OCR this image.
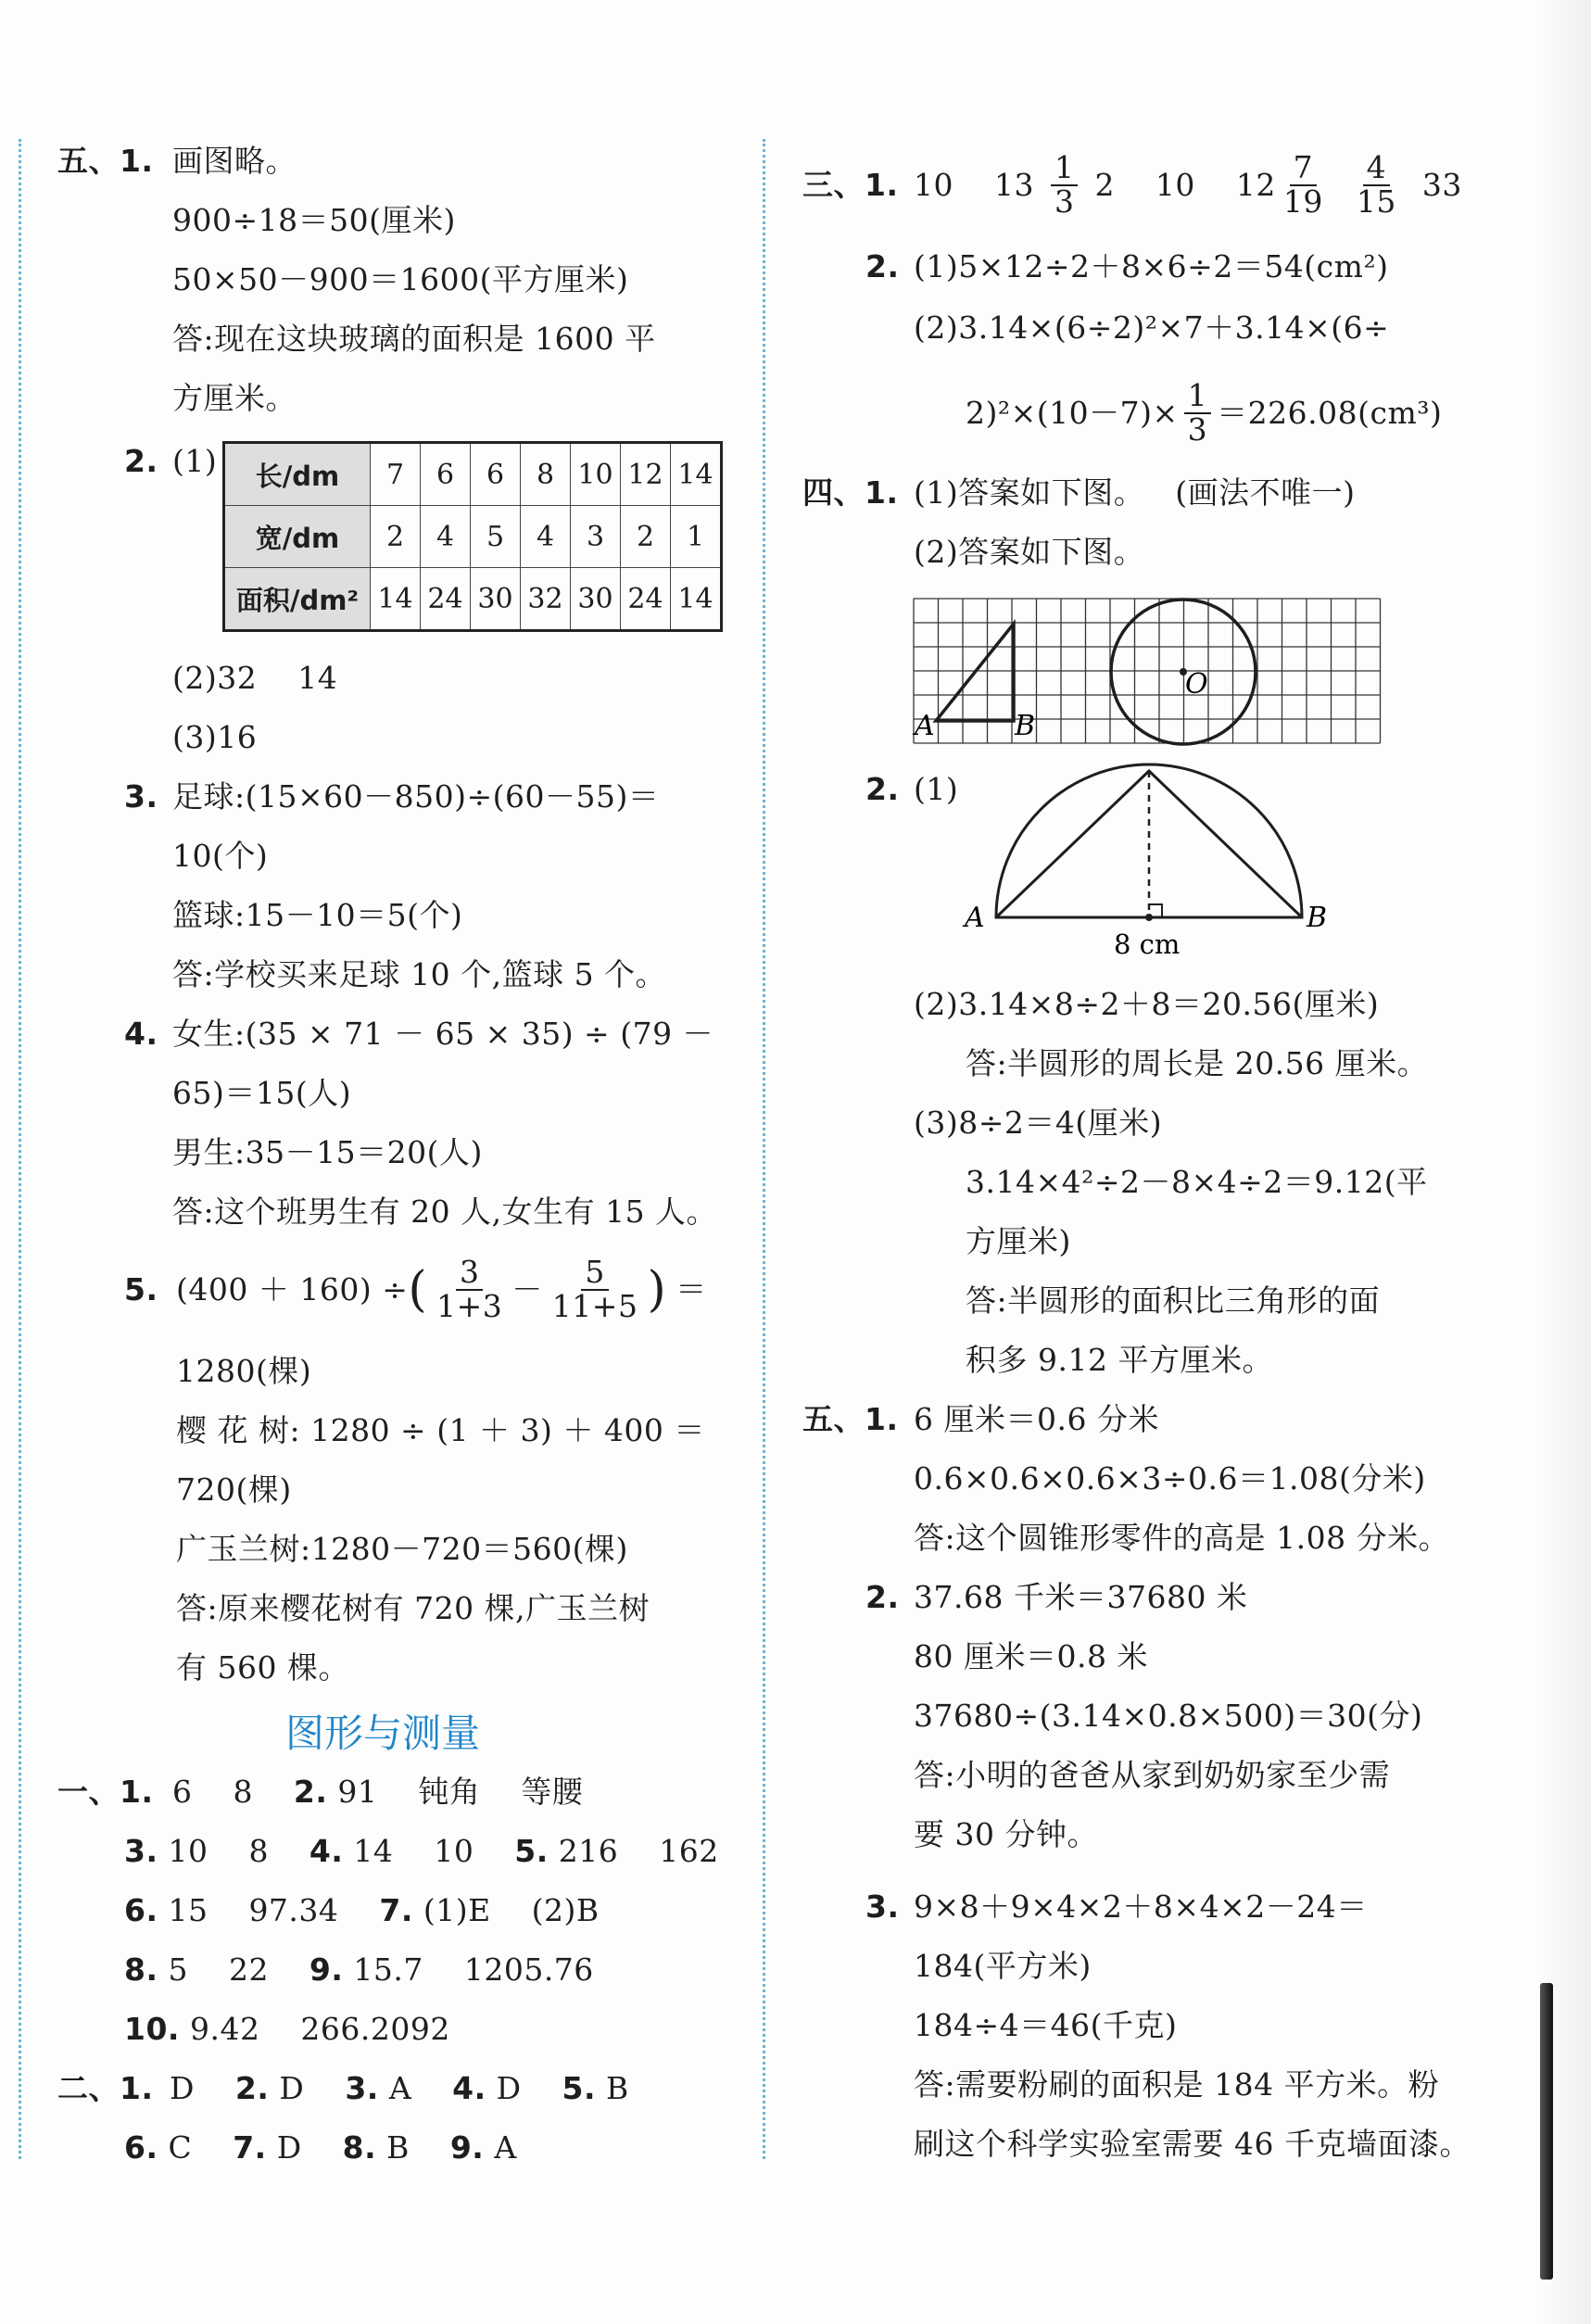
五、1. 画图略。
900÷18＝50(厘米)
50×50－900＝1600(平方厘米)
答:现在这块玻璃的面积是 1600 平
方厘米。
2. (1) 长/dm	7	6	6	8	10	12	14
宽/dm	2	4	5	4	3	2	1
面积/dm²	14	24	30	32	30	24	14
(2)32    14
(3)16
3. 足球:(15×60－850)÷(60－55)＝
10(个)
篮球:15－10＝5(个)
答:学校买来足球 10 个,篮球 5 个。
4. 女生:(35 × 71 － 65 × 35) ÷ (79 －
65)＝15(人)
男生:35－15＝20(人)
答:这个班男生有 20 人,女生有 15 人。
5. (400 ＋ 160) ÷ ( $\frac{3}{1+3} - \frac{5}{11+5}$ ) ＝
1280(棵)
樱 花 树: 1280 ÷ (1 ＋ 3) ＋ 400 ＝
720(棵)
广玉兰树:1280－720＝560(棵)
答:原来樱花树有 720 棵,广玉兰树
有 560 棵。
图形与测量
一、1. 6    8    2. 91    钝角    等腰
3. 10    8    4. 14    10    5. 216    162
6. 15    97.34    7. (1)E    (2)B
8. 5    22    9. 15.7    1205.76
10. 9.42    266.2092
二、1. D    2. D    3. A    4. D    5. B
6. C    7. D    8. B    9. A
三、1. 10    $13 \frac{1}{3} 2$    10    $12 \frac{7}{19} \frac{4}{15} 33$
2. (1)5×12÷2＋8×6÷2＝54(cm²)
(2)3.14×(6÷2)²×7＋3.14×(6÷
$2)^2\times(10-7)\times \frac{1}{3} =226.08(cm^3)$
四、1. (1)答案如下图。   (画法不唯一)
(2)答案如下图。
A	B
O
2. (1)
A	B
8 cm
(2)3.14×8÷2＋8＝20.56(厘米)
答:半圆形的周长是 20.56 厘米。
(3)8÷2＝4(厘米)
3.14×4²÷2－8×4÷2＝9.12(平
方厘米)
答:半圆形的面积比三角形的面
积多 9.12 平方厘米。
五、1. 6 厘米＝0.6 分米
0.6×0.6×0.6×3÷0.6＝1.08(分米)
答:这个圆锥形零件的高是 1.08 分米。
2. 37.68 千米＝37680 米
80 厘米＝0.8 米
37680÷(3.14×0.8×500)＝30(分)
答:小明的爸爸从家到奶奶家至少需
要 30 分钟。
3. 9×8＋9×4×2＋8×4×2－24＝
184(平方米)
184÷4＝46(千克)
答:需要粉刷的面积是 184 平方米。粉
刷这个科学实验室需要 46 千克墙面漆。
